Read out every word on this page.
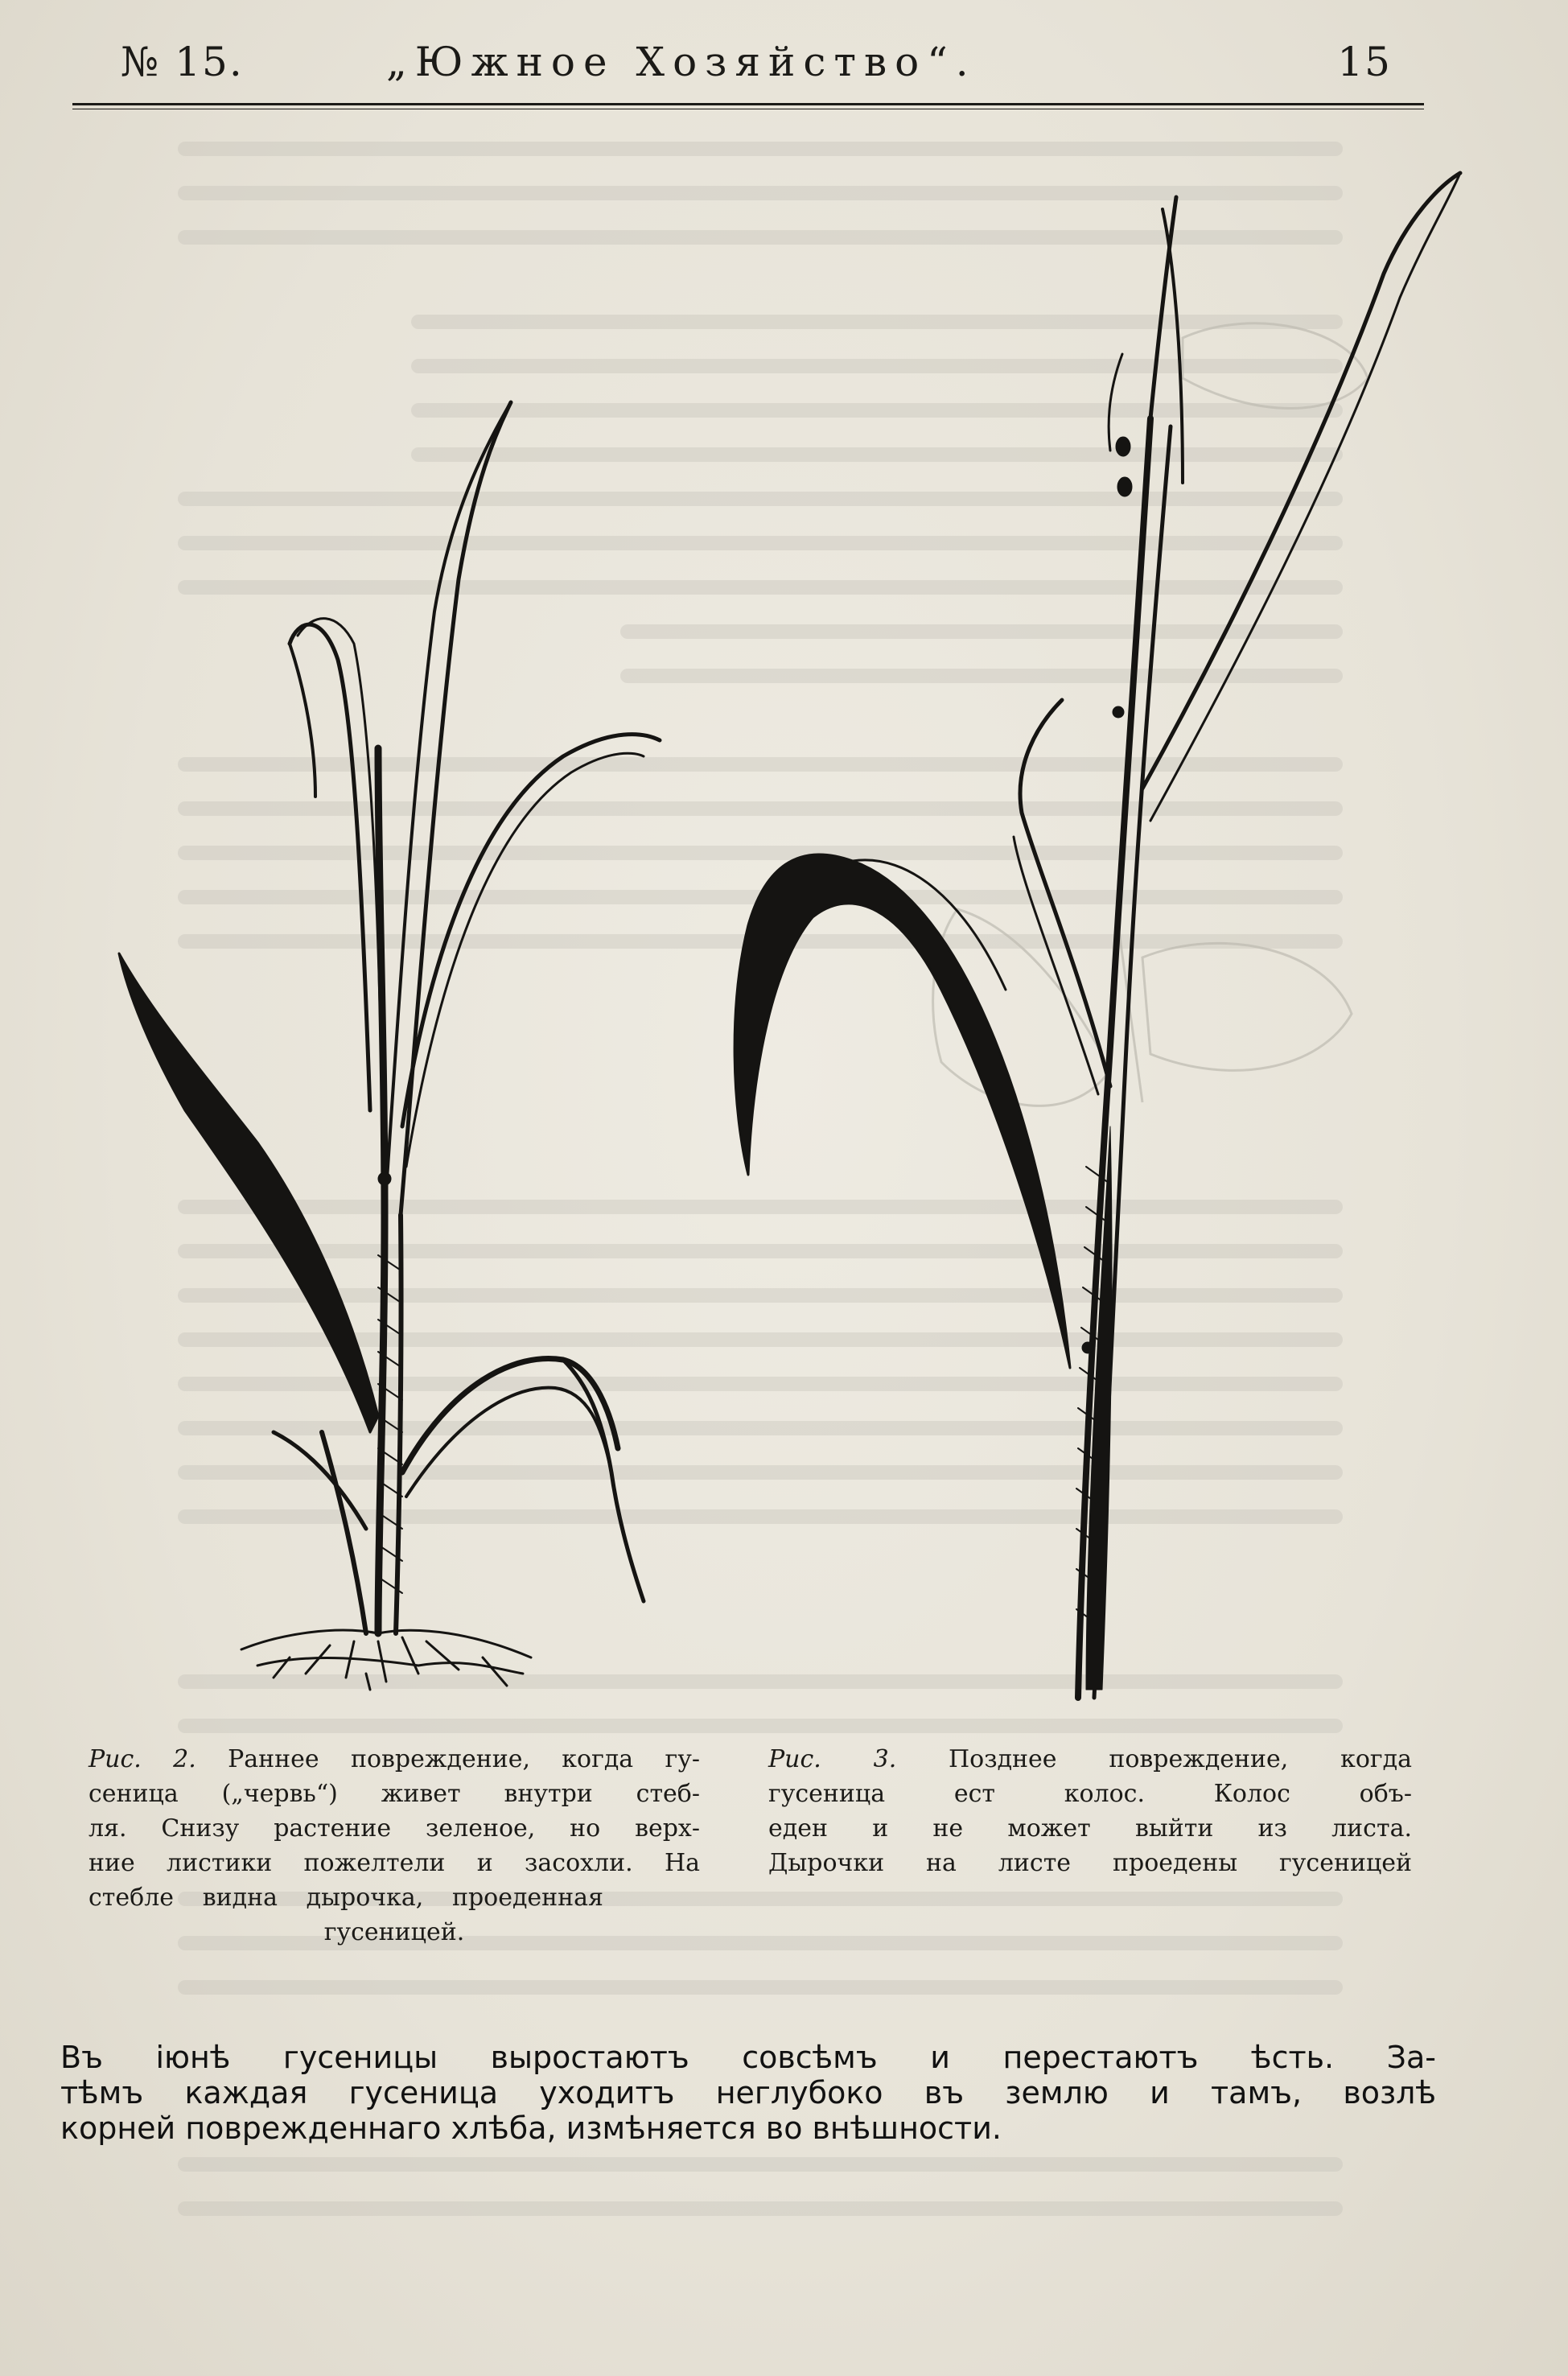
№ 15.	„Южное Хозяйство“.	15
Рис. 2. Раннее повреждение, когда гу-
сеница („червь“) живет внутри стеб-
ля. Снизу растение зеленое, но верх-
ние листики пожелтели и засохли. На
стебле видна дырочка, проеденная
гусеницей.
Рис. 3. Позднее повреждение, когда
гусеница ест колос. Колос объ-
еден и не может выйти из листа.
Дырочки на листе проедены гусеницей
Въ іюнѣ гусеницы выростаютъ совсѣмъ и перестаютъ ѣсть. За-
тѣмъ каждая гусеница уходитъ неглубоко въ землю и тамъ, возлѣ
корней поврежденнаго хлѣба, измѣняется во внѣшности.
